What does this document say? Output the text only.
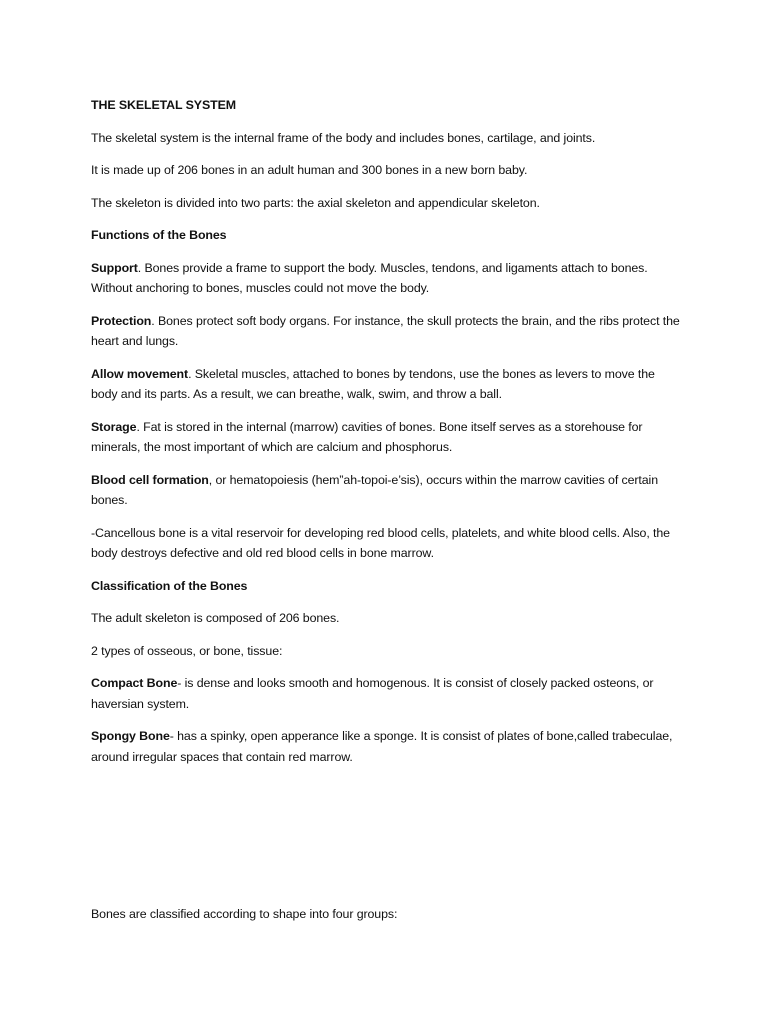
THE SKELETAL SYSTEM

The skeletal system is the internal frame of the body and includes bones, cartilage, and joints.

It is made up of 206 bones in an adult human and 300 bones in a new born baby.

The skeleton is divided into two parts: the axial skeleton and appendicular skeleton.

Functions of the Bones

Support. Bones provide a frame to support the body. Muscles, tendons, and ligaments attach to bones. Without anchoring to bones, muscles could not move the body.

Protection. Bones protect soft body organs. For instance, the skull protects the brain, and the ribs protect the heart and lungs.

Allow movement. Skeletal muscles, attached to bones by tendons, use the bones as levers to move the body and its parts. As a result, we can breathe, walk, swim, and throw a ball.

Storage. Fat is stored in the internal (marrow) cavities of bones. Bone itself serves as a storehouse for minerals, the most important of which are calcium and phosphorus.

Blood cell formation, or hematopoiesis (hem”ah-topoi-e’sis), occurs within the marrow cavities of certain bones.

-Cancellous bone is a vital reservoir for developing red blood cells, platelets, and white blood cells. Also, the body destroys defective and old red blood cells in bone marrow.

Classification of the Bones

The adult skeleton is composed of 206 bones.

2 types of osseous, or bone, tissue:

Compact Bone- is dense and looks smooth and homogenous. It is consist of closely packed osteons, or haversian system.

Spongy Bone- has a spinky, open apperance like a sponge. It is consist of plates of bone,called trabeculae, around irregular spaces that contain red marrow.

Bones are classified according to shape into four groups:
